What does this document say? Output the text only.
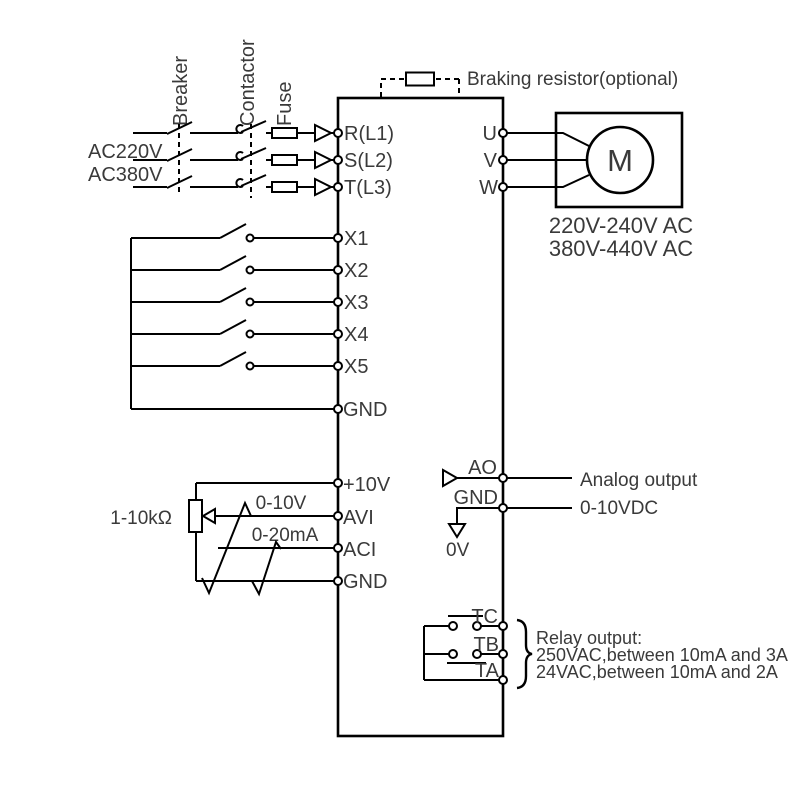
Braking resistor(optional)
AC220V
AC380V
Breaker Contactor Fuse
R(L1)
S(L2)
T(L3)
X1
X2
X3
X4
X5
GND
+10V
1-10kΩ	AVI
0-10V
ACI
0-20mA
GND
U
V
W
M
220V-240V AC
380V-440V AC
AO
Analog output
GND
0V
0-10VDC
TC
TB
TA
Relay output:
250VAC,between 10mA and 3A
24VAC,between 10mA and 2A
